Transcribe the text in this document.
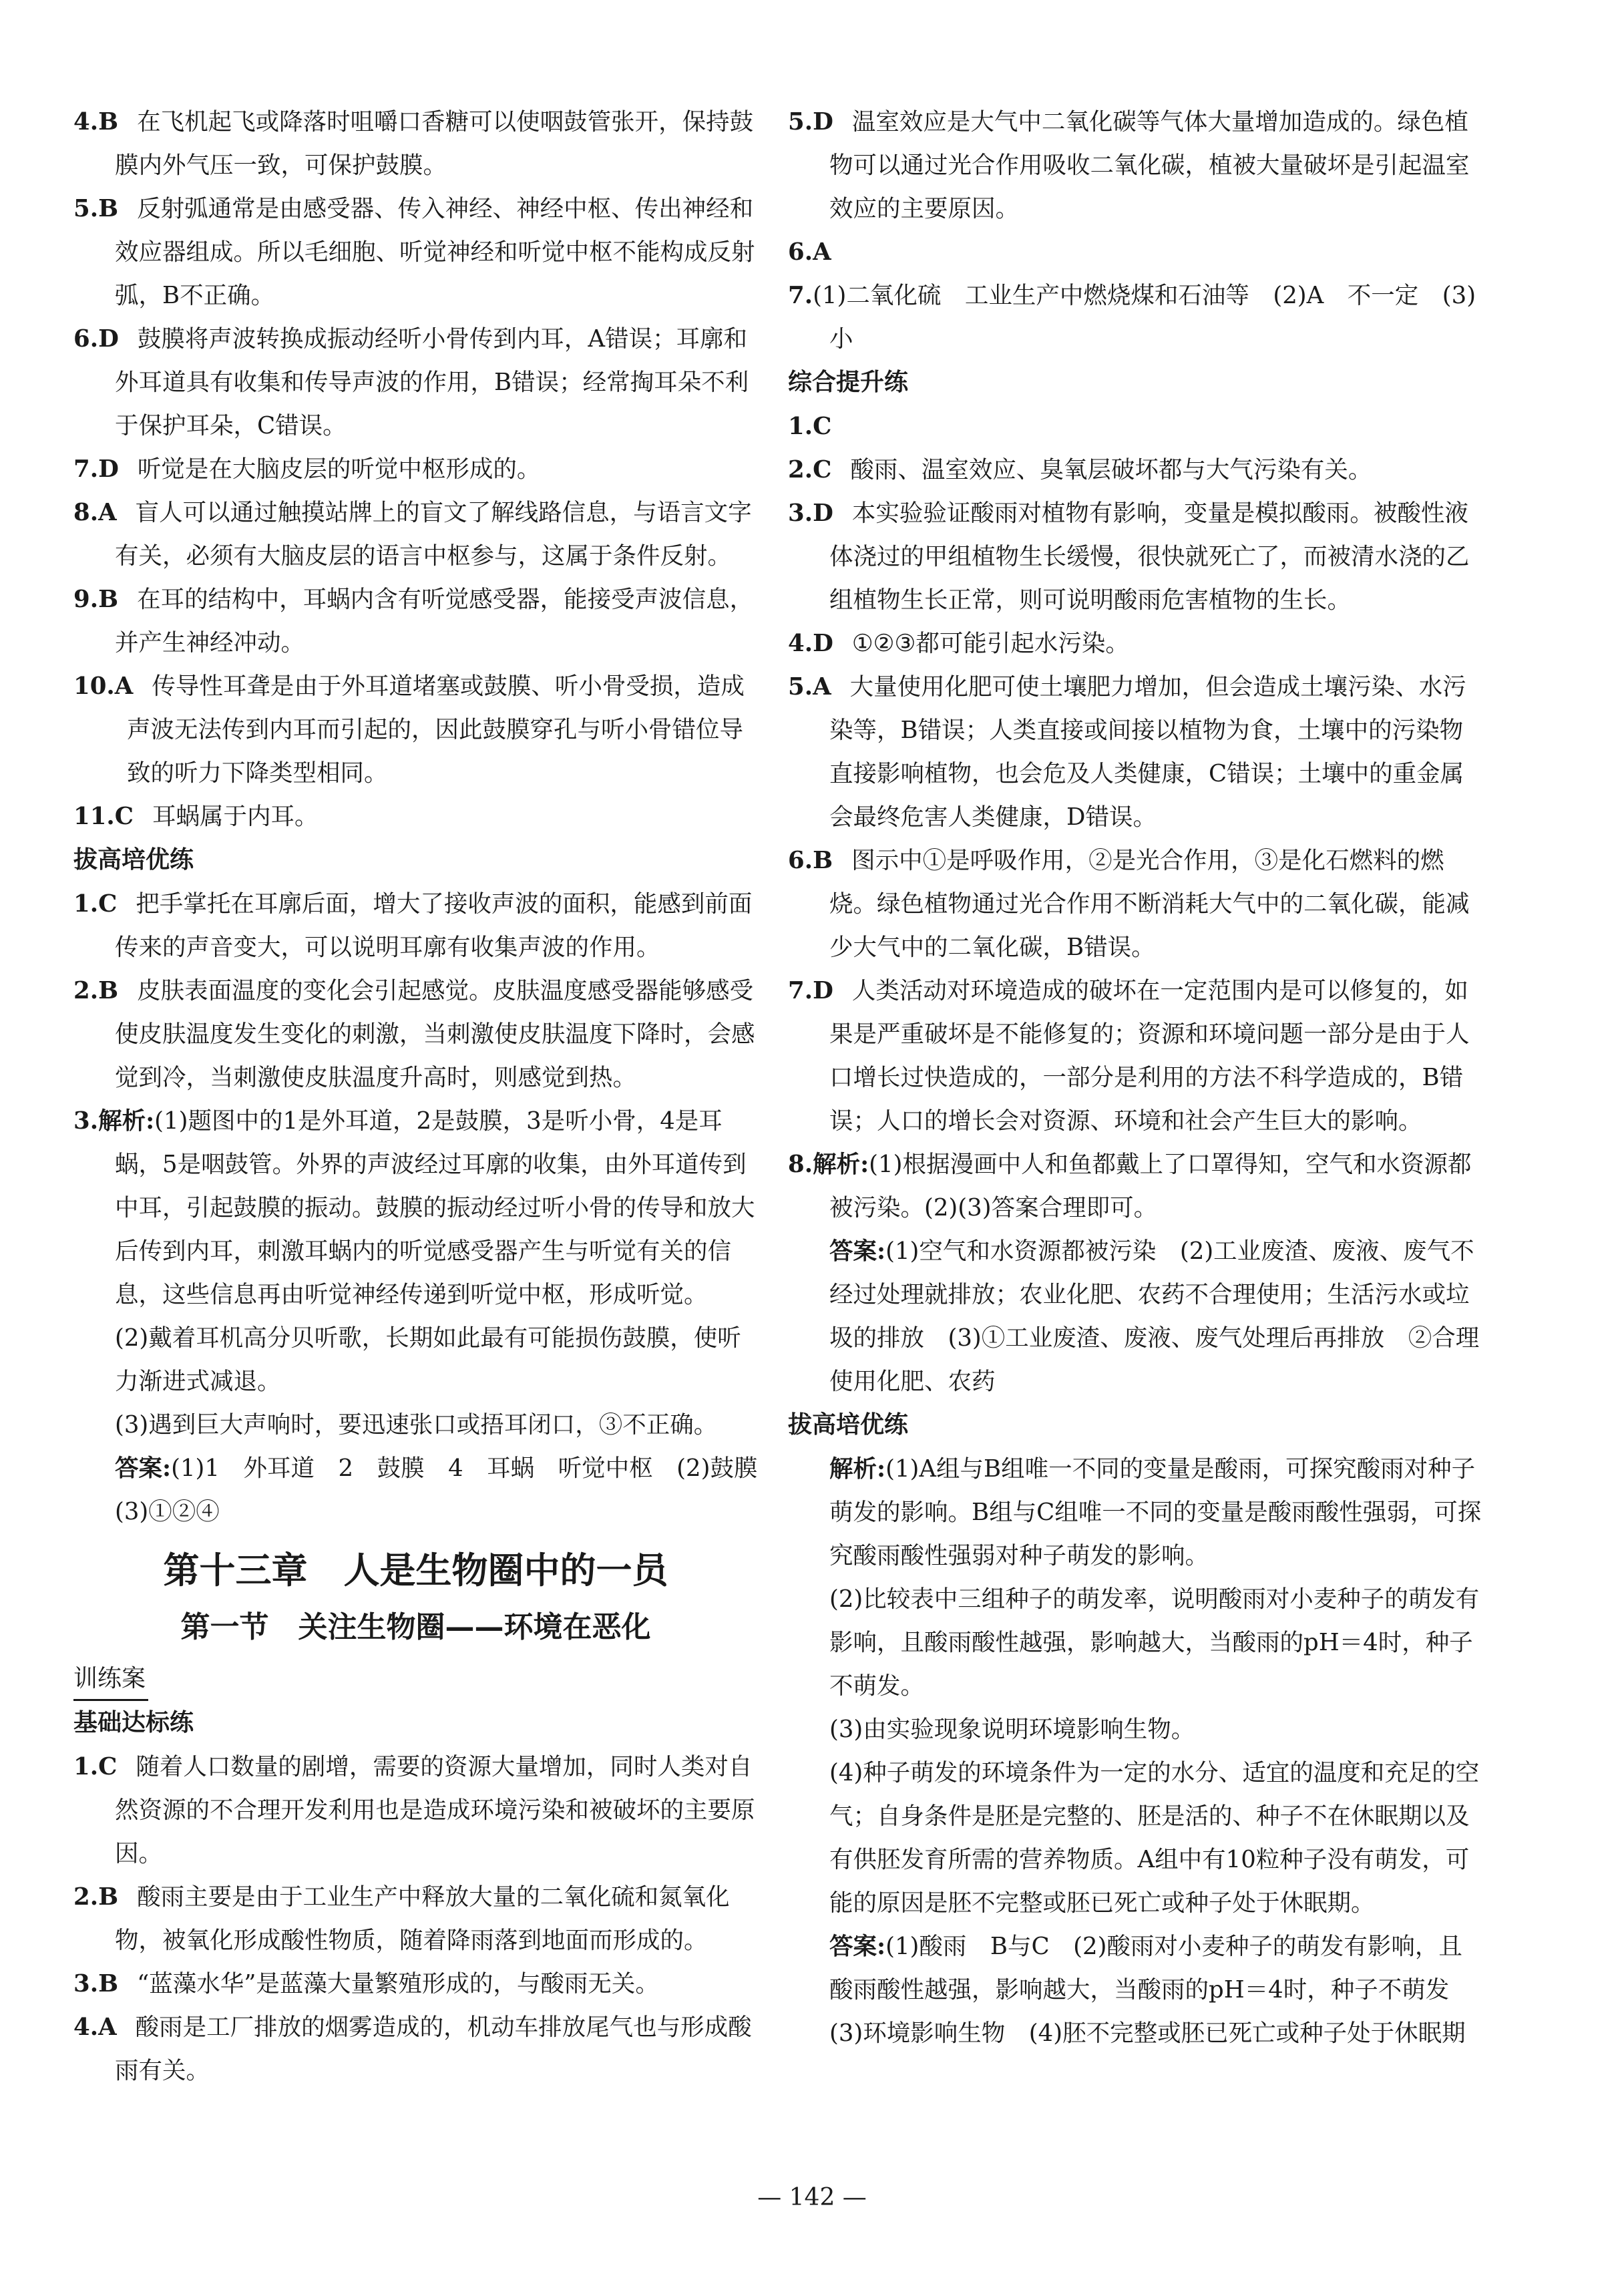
4.B 在飞机起飞或降落时咀嚼口香糖可以使咽鼓管张开，保持鼓膜内外气压一致，可保护鼓膜。

5.B 反射弧通常是由感受器、传入神经、神经中枢、传出神经和效应器组成。所以毛细胞、听觉神经和听觉中枢不能构成反射弧，B不正确。

6.D 鼓膜将声波转换成振动经听小骨传到内耳，A错误；耳廓和外耳道具有收集和传导声波的作用，B错误；经常掏耳朵不利于保护耳朵，C错误。

7.D 听觉是在大脑皮层的听觉中枢形成的。

8.A 盲人可以通过触摸站牌上的盲文了解线路信息，与语言文字有关，必须有大脑皮层的语言中枢参与，这属于条件反射。

9.B 在耳的结构中，耳蜗内含有听觉感受器，能接受声波信息，并产生神经冲动。

10.A 传导性耳聋是由于外耳道堵塞或鼓膜、听小骨受损，造成声波无法传到内耳而引起的，因此鼓膜穿孔与听小骨错位导致的听力下降类型相同。

11.C 耳蜗属于内耳。

拔高培优练

1.C 把手掌托在耳廓后面，增大了接收声波的面积，能感到前面传来的声音变大，可以说明耳廓有收集声波的作用。

2.B 皮肤表面温度的变化会引起感觉。皮肤温度感受器能够感受使皮肤温度发生变化的刺激，当刺激使皮肤温度下降时，会感觉到冷，当刺激使皮肤温度升高时，则感觉到热。

3.解析:(1)题图中的1是外耳道，2是鼓膜，3是听小骨，4是耳蜗，5是咽鼓管。外界的声波经过耳廓的收集，由外耳道传到中耳，引起鼓膜的振动。鼓膜的振动经过听小骨的传导和放大后传到内耳，刺激耳蜗内的听觉感受器产生与听觉有关的信息，这些信息再由听觉神经传递到听觉中枢，形成听觉。

(2)戴着耳机高分贝听歌，长期如此最有可能损伤鼓膜，使听力渐进式减退。

(3)遇到巨大声响时，要迅速张口或捂耳闭口，③不正确。

答案:(1)1　外耳道　2　鼓膜　4　耳蜗　听觉中枢　(2)鼓膜　(3)①②④

第十三章　人是生物圈中的一员

第一节　关注生物圈——环境在恶化

训练案

基础达标练

1.C 随着人口数量的剧增，需要的资源大量增加，同时人类对自然资源的不合理开发利用也是造成环境污染和被破坏的主要原因。

2.B 酸雨主要是由于工业生产中释放大量的二氧化硫和氮氧化物，被氧化形成酸性物质，随着降雨落到地面而形成的。

3.B “蓝藻水华”是蓝藻大量繁殖形成的，与酸雨无关。

4.A 酸雨是工厂排放的烟雾造成的，机动车排放尾气也与形成酸雨有关。

5.D 温室效应是大气中二氧化碳等气体大量增加造成的。绿色植物可以通过光合作用吸收二氧化碳，植被大量破坏是引起温室效应的主要原因。

6.A

7.(1)二氧化硫　工业生产中燃烧煤和石油等　(2)A　不一定　(3)小

综合提升练

1.C

2.C 酸雨、温室效应、臭氧层破坏都与大气污染有关。

3.D 本实验验证酸雨对植物有影响，变量是模拟酸雨。被酸性液体浇过的甲组植物生长缓慢，很快就死亡了，而被清水浇的乙组植物生长正常，则可说明酸雨危害植物的生长。

4.D ①②③都可能引起水污染。

5.A 大量使用化肥可使土壤肥力增加，但会造成土壤污染、水污染等，B错误；人类直接或间接以植物为食，土壤中的污染物直接影响植物，也会危及人类健康，C错误；土壤中的重金属会最终危害人类健康，D错误。

6.B 图示中①是呼吸作用，②是光合作用，③是化石燃料的燃烧。绿色植物通过光合作用不断消耗大气中的二氧化碳，能减少大气中的二氧化碳，B错误。

7.D 人类活动对环境造成的破坏在一定范围内是可以修复的，如果是严重破坏是不能修复的；资源和环境问题一部分是由于人口增长过快造成的，一部分是利用的方法不科学造成的，B错误；人口的增长会对资源、环境和社会产生巨大的影响。

8.解析:(1)根据漫画中人和鱼都戴上了口罩得知，空气和水资源都被污染。(2)(3)答案合理即可。

答案:(1)空气和水资源都被污染　(2)工业废渣、废液、废气不经过处理就排放；农业化肥、农药不合理使用；生活污水或垃圾的排放　(3)①工业废渣、废液、废气处理后再排放　②合理使用化肥、农药

拔高培优练

解析:(1)A组与B组唯一不同的变量是酸雨，可探究酸雨对种子萌发的影响。B组与C组唯一不同的变量是酸雨酸性强弱，可探究酸雨酸性强弱对种子萌发的影响。

(2)比较表中三组种子的萌发率，说明酸雨对小麦种子的萌发有影响，且酸雨酸性越强，影响越大，当酸雨的pH＝4时，种子不萌发。

(3)由实验现象说明环境影响生物。

(4)种子萌发的环境条件为一定的水分、适宜的温度和充足的空气；自身条件是胚是完整的、胚是活的、种子不在休眠期以及有供胚发育所需的营养物质。A组中有10粒种子没有萌发，可能的原因是胚不完整或胚已死亡或种子处于休眠期。

答案:(1)酸雨　B与C　(2)酸雨对小麦种子的萌发有影响，且酸雨酸性越强，影响越大，当酸雨的pH＝4时，种子不萌发　(3)环境影响生物　(4)胚不完整或胚已死亡或种子处于休眠期

— 142 —
